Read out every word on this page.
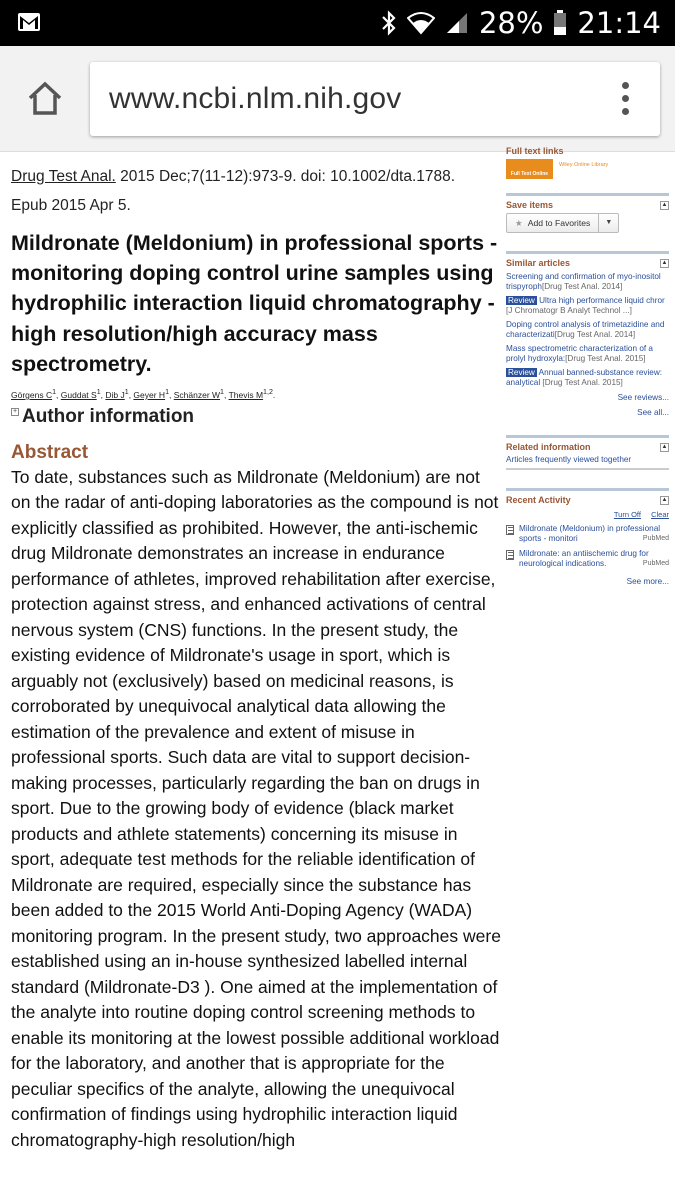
28% 21:14
www.ncbi.nlm.nih.gov
Drug Test Anal. 2015 Dec;7(11-12):973-9. doi: 10.1002/dta.1788.
Epub 2015 Apr 5.
Mildronate (Meldonium) in professional sports - monitoring doping control urine samples using hydrophilic interaction liquid chromatography - high resolution/high accuracy mass spectrometry.
Görgens $C^1$, Guddat $S^1$, Dib $J^1$, Geyer $H^1$, Schänzer $W^1$, Thevis M$^{1,2}$.
+ Author information
Abstract

To date, substances such as Mildronate (Meldonium) are not on the radar of anti-doping laboratories as the compound is not explicitly classified as prohibited. However, the anti-ischemic drug Mildronate demonstrates an increase in endurance performance of athletes, improved rehabilitation after exercise, protection against stress, and enhanced activations of central nervous system (CNS) functions. In the present study, the existing evidence of Mildronate's usage in sport, which is arguably not (exclusively) based on medicinal reasons, is corroborated by unequivocal analytical data allowing the estimation of the prevalence and extent of misuse in professional sports. Such data are vital to support decision-making processes, particularly regarding the ban on drugs in sport. Due to the growing body of evidence (black market products and athlete statements) concerning its misuse in sport, adequate test methods for the reliable identification of Mildronate are required, especially since the substance has been added to the 2015 World Anti-Doping Agency (WADA) monitoring program. In the present study, two approaches were established using an in-house synthesized labelled internal standard (Mildronate-D3 ). One aimed at the implementation of the analyte into routine doping control screening methods to enable its monitoring at the lowest possible additional workload for the laboratory, and another that is appropriate for the peculiar specifics of the analyte, allowing the unequivocal confirmation of findings using hydrophilic interaction liquid chromatography-high resolution/high

Full text links
Full Text Online
Wiley Online Library
Save items	▲
★ Add to Favorites	▼
Similar articles	▲
Screening and confirmation of myo-inositol trispyroph[Drug Test Anal. 2014]
Review Ultra high performance liquid chror [J Chromatogr B Analyt Technol ...]
Doping control analysis of trimetazidine and characterizati[Drug Test Anal. 2014]
Mass spectrometric characterization of a prolyl hydroxyla:[Drug Test Anal. 2015]
Review Annual banned-substance review: analytical [Drug Test Anal. 2015]
See reviews...
See all...
Related information	▲
Articles frequently viewed together
Recent Activity	▲
Turn Off Clear
Mildronate (Meldonium) in professional sports - monitori	PubMed
Mildronate: an antiischemic drug for neurological indications.	PubMed
See more...
